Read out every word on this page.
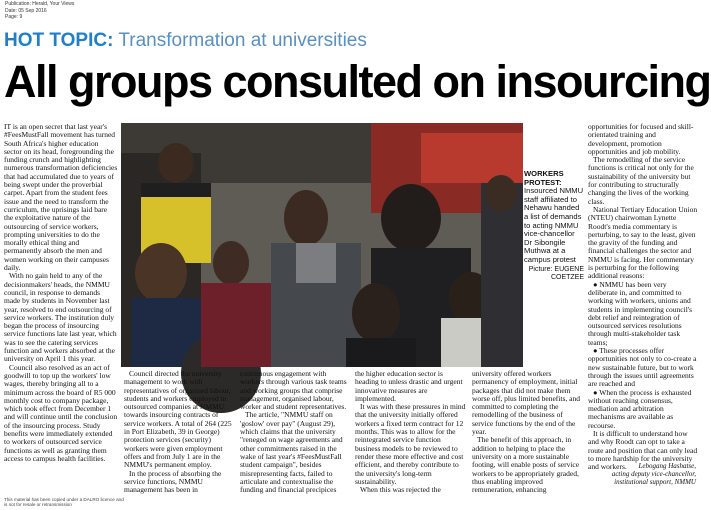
Publication: Herald, Your Views
Date: 05 Sep 2016
Page: 9
HOT TOPIC: Transformation at universities
All groups consulted on insourcing

IT is an open secret that last year's #FeesMustFall movement has turned South Africa's higher education sector on its head, foregrounding the funding crunch and highlighting numerous transformation deficiencies that had accumulated due to years of being swept under the proverbial carpet. Apart from the student fees issue and the need to transform the curriculum, the uprisings laid bare the exploitative nature of the outsourcing of service workers, prompting universities to do the morally ethical thing and permanently absorb the men and women working on their campuses daily.

With no gain held to any of the decisionmakers' heads, the NMMU council, in response to demands made by students in November last year, resolved to end outsourcing of service workers. The institution duly began the process of insourcing service functions late last year, which was to see the catering services function and workers absorbed at the university on April 1 this year.

Council also resolved as an act of goodwill to top up the workers' low wages, thereby bringing all to a minimum across the board of R5 000 monthly cost to company package, which took effect from December 1 and will continue until the conclusion of the insourcing process. Study benefits were immediately extended to workers of outsourced service functions as well as granting them access to campus health facilities.

WORKERS PROTEST: Insourced NMMU staff affiliated to Nehawu handed a list of demands to acting NMMU vice-chancellor Dr Sibongile Muthwa at a campus protest
Picture: EUGENE COETZEE

Council directed the university management to work with representatives of organised labour, students and workers employed in outsourced companies at NMMU towards insourcing contracts of service workers. A total of 264 (225 in Port Elizabeth, 39 in George) protection services (security) workers were given employment offers and from July 1 are in the NMMU's permanent employ.

In the process of absorbing the service functions, NMMU management has been in

continuous engagement with workers through various task teams and working groups that comprise management, organised labour, worker and student representatives.

The article, "NMMU staff on 'goslow' over pay" (August 29), which claims that the university "reneged on wage agreements and other commitments raised in the wake of last year's #FeesMustFall student campaign", besides misrepresenting facts, failed to articulate and contextualise the funding and financial precipices

the higher education sector is heading to unless drastic and urgent innovative measures are implemented.

It was with these pressures in mind that the university initially offered workers a fixed term contract for 12 months. This was to allow for the reintegrated service function business models to be reviewed to render these more effective and cost efficient, and thereby contribute to the university's long-term sustainability.

When this was rejected the

university offered workers permanency of employment, initial packages that did not make them worse off, plus limited benefits, and committed to completing the remodelling of the business of service functions by the end of the year.

The benefit of this approach, in addition to helping to place the university on a more sustainable footing, will enable posts of service workers to be appropriately graded, thus enabling improved remuneration, enhancing

opportunities for focused and skill-orientated training and development, promotion opportunities and job mobility.

The remodelling of the service functions is critical not only for the sustainability of the university but for contributing to structurally changing the lives of the working class.

National Tertiary Education Union (NTEU) chairwoman Lynette Roodt's media commentary is perturbing, to say to the least, given the gravity of the funding and financial challenges the sector and NMMU is facing. Her commentary is perturbing for the following additional reasons:

● NMMU has been very deliberate in, and committed to working with workers, unions and students in implementing council's debt relief and reintegration of outsourced services resolutions through multi-stakeholder task teams;

● These processes offer opportunities not only to co-create a new sustainable future, but to work through the issues until agreements are reached and

● When the process is exhausted without reaching consensus, mediation and arbitration mechanisms are available as recourse.

It is difficult to understand how and why Roodt can opt to take a route and position that can only lead to more hardship for the university and workers.	Lebogang Hashatse,
acting deputy vice-chancellor, institutional support, NMMU
This material has been copied under a DALRO licence and
is not for resale or retransmission
